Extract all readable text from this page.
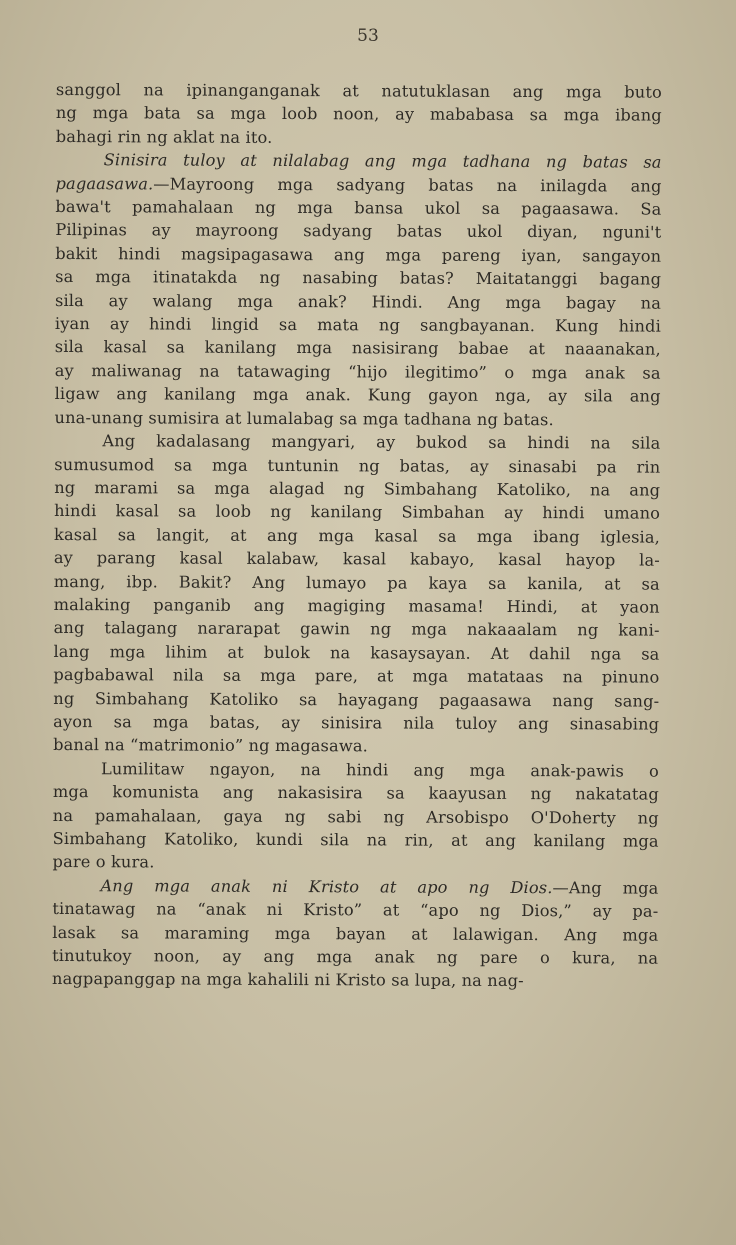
53
sanggol na ipinanganganak at natutuklasan ang mga buto
ng mga bata sa mga loob noon, ay mababasa sa mga ibang
bahagi rin ng aklat na ito.
Sinisira tuloy at nilalabag ang mga tadhana ng batas sa
pagaasawa.—Mayroong mga sadyang batas na inilagda ang
bawa't pamahalaan ng mga bansa ukol sa pagaasawa. Sa
Pilipinas ay mayroong sadyang batas ukol diyan, nguni't
bakit hindi magsipagasawa ang mga pareng iyan, sangayon
sa mga itinatakda ng nasabing batas? Maitatanggi bagang
sila ay walang mga anak? Hindi. Ang mga bagay na
iyan ay hindi lingid sa mata ng sangbayanan. Kung hindi
sila kasal sa kanilang mga nasisirang babae at naaanakan,
ay maliwanag na tatawaging “hijo ilegitimo” o mga anak sa
ligaw ang kanilang mga anak. Kung gayon nga, ay sila ang
una-unang sumisira at lumalabag sa mga tadhana ng batas.
Ang kadalasang mangyari, ay bukod sa hindi na sila
sumusumod sa mga tuntunin ng batas, ay sinasabi pa rin
ng marami sa mga alagad ng Simbahang Katoliko, na ang
hindi kasal sa loob ng kanilang Simbahan ay hindi umano
kasal sa langit, at ang mga kasal sa mga ibang iglesia,
ay parang kasal kalabaw, kasal kabayo, kasal hayop la-
mang, ibp. Bakit? Ang lumayo pa kaya sa kanila, at sa
malaking panganib ang magiging masama! Hindi, at yaon
ang talagang nararapat gawin ng mga nakaaalam ng kani-
lang mga lihim at bulok na kasaysayan. At dahil nga sa
pagbabawal nila sa mga pare, at mga matataas na pinuno
ng Simbahang Katoliko sa hayagang pagaasawa nang sang-
ayon sa mga batas, ay sinisira nila tuloy ang sinasabing
banal na “matrimonio” ng magasawa.
Lumilitaw ngayon, na hindi ang mga anak-pawis o
mga komunista ang nakasisira sa kaayusan ng nakatatag
na pamahalaan, gaya ng sabi ng Arsobispo O'Doherty ng
Simbahang Katoliko, kundi sila na rin, at ang kanilang mga
pare o kura.
Ang mga anak ni Kristo at apo ng Dios.—Ang mga
tinatawag na “anak ni Kristo” at “apo ng Dios,” ay pa-
lasak sa maraming mga bayan at lalawigan. Ang mga
tinutukoy noon, ay ang mga anak ng pare o kura, na
nagpapanggap na mga kahalili ni Kristo sa lupa, na nag-
